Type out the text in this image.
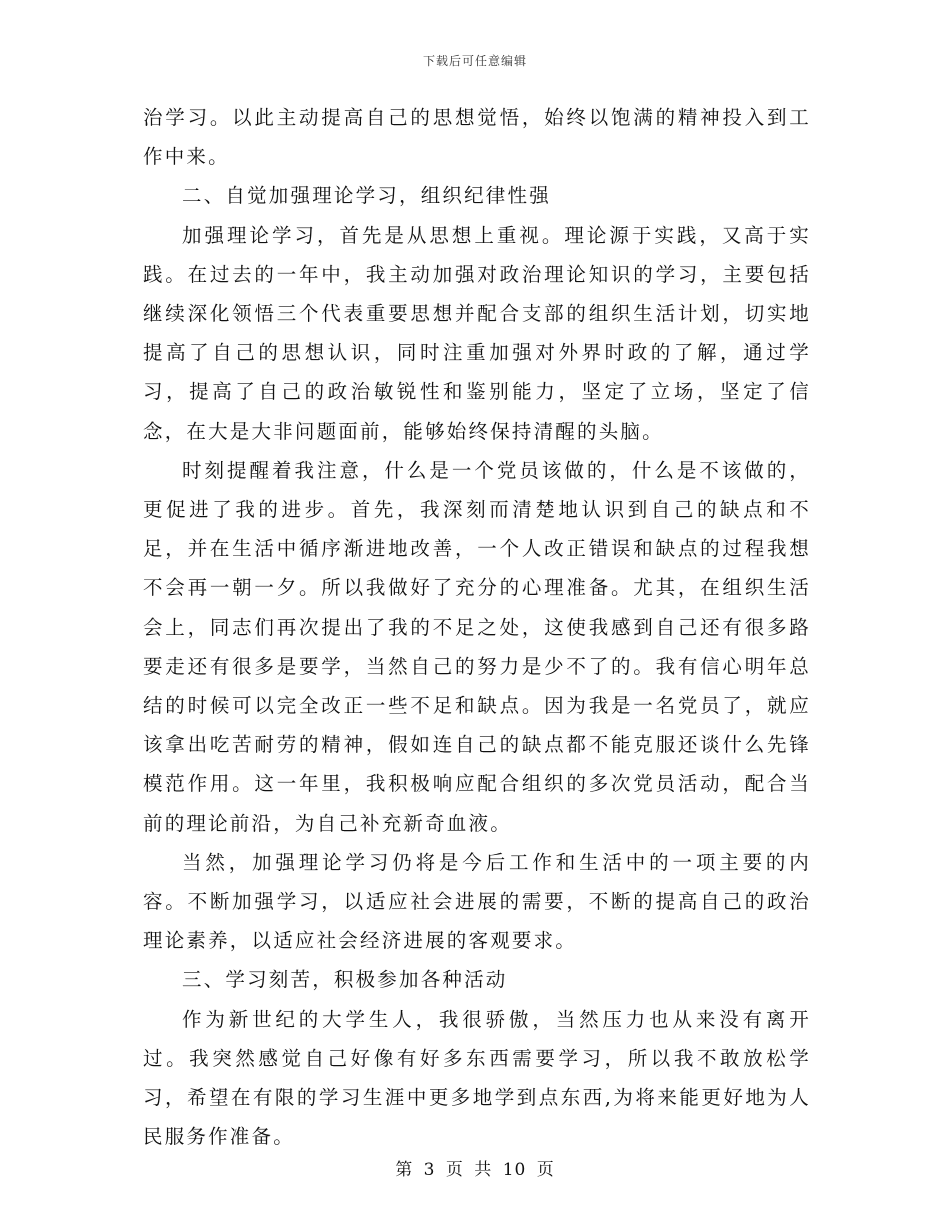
下载后可任意编辑

治学习。以此主动提高自己的思想觉悟，始终以饱满的精神投入到工作中来。

二、自觉加强理论学习，组织纪律性强

加强理论学习，首先是从思想上重视。理论源于实践，又高于实践。在过去的一年中，我主动加强对政治理论知识的学习，主要包括继续深化领悟三个代表重要思想并配合支部的组织生活计划，切实地提高了自己的思想认识，同时注重加强对外界时政的了解，通过学习，提高了自己的政治敏锐性和鉴别能力，坚定了立场，坚定了信念，在大是大非问题面前，能够始终保持清醒的头脑。

时刻提醒着我注意，什么是一个党员该做的，什么是不该做的，更促进了我的进步。首先，我深刻而清楚地认识到自己的缺点和不足，并在生活中循序渐进地改善，一个人改正错误和缺点的过程我想不会再一朝一夕。所以我做好了充分的心理准备。尤其，在组织生活会上，同志们再次提出了我的不足之处，这使我感到自己还有很多路要走还有很多是要学，当然自己的努力是少不了的。我有信心明年总结的时候可以完全改正一些不足和缺点。因为我是一名党员了，就应该拿出吃苦耐劳的精神，假如连自己的缺点都不能克服还谈什么先锋模范作用。这一年里，我积极响应配合组织的多次党员活动，配合当前的理论前沿，为自己补充新奇血液。

当然，加强理论学习仍将是今后工作和生活中的一项主要的内容。不断加强学习，以适应社会进展的需要，不断的提高自己的政治理论素养，以适应社会经济进展的客观要求。

三、学习刻苦，积极参加各种活动

作为新世纪的大学生人，我很骄傲，当然压力也从来没有离开过。我突然感觉自己好像有好多东西需要学习，所以我不敢放松学习，希望在有限的学习生涯中更多地学到点东西,为将来能更好地为人民服务作准备。

第 3 页 共 10 页
